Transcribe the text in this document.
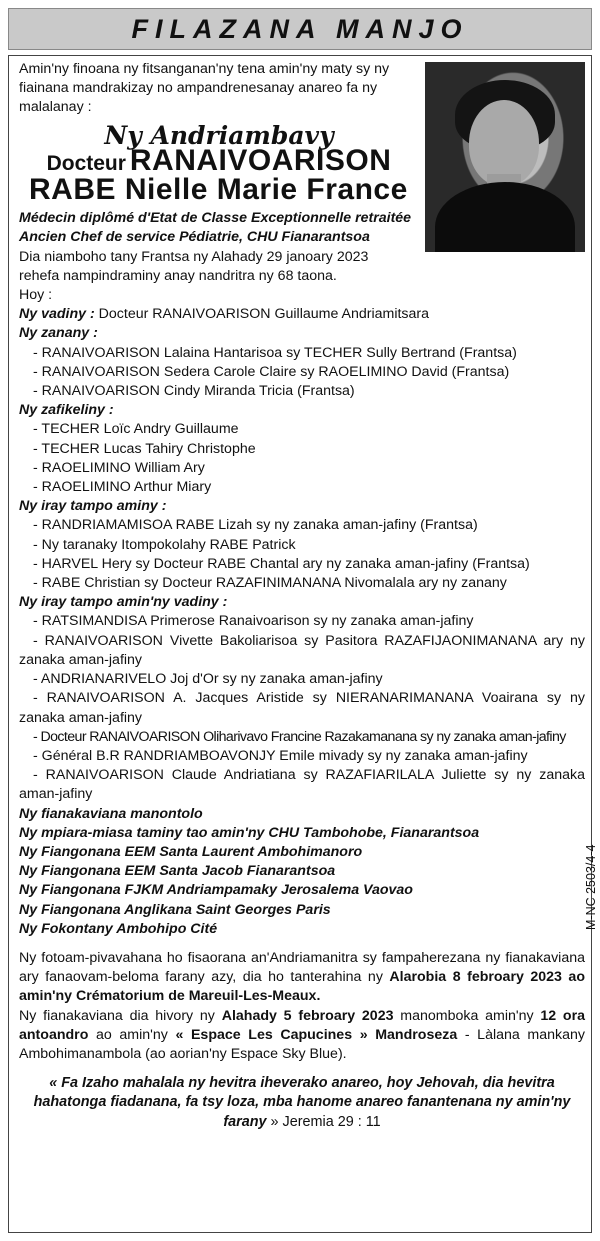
FILAZANA MANJO

Amin'ny finoana ny fitsanganan'ny tena amin'ny maty sy ny fiainana mandrakizay no ampandrenesanay anareo fa ny malalanay :

Ny Andriambavy
Docteur RANAIVOARISON
RABE Nielle Marie France

Médecin diplômé d'Etat de Classe Exceptionnelle retraitée

Ancien Chef de service Pédiatrie, CHU Fianarantsoa

Dia niamboho tany Frantsa ny Alahady 29 janoary 2023

rehefa nampindraminy anay nandritra ny 68 taona.

Hoy :

Ny vadiny : Docteur RANAIVOARISON Guillaume Andriamitsara

Ny zanany :

- RANAIVOARISON Lalaina Hantarisoa sy TECHER Sully Bertrand (Frantsa)

- RANAIVOARISON Sedera Carole Claire sy RAOELIMINO David (Frantsa)

- RANAIVOARISON Cindy Miranda Tricia (Frantsa)

Ny zafikeliny :

- TECHER Loïc Andry Guillaume

- TECHER Lucas Tahiry Christophe

- RAOELIMINO William Ary

- RAOELIMINO Arthur Miary

Ny iray tampo aminy :

- RANDRIAMAMISOA RABE Lizah sy ny zanaka aman-jafiny (Frantsa)

- Ny taranaky Itompokolahy RABE Patrick

- HARVEL Hery sy Docteur RABE Chantal ary ny zanaka aman-jafiny (Frantsa)

- RABE Christian sy Docteur RAZAFINIMANANA Nivomalala ary ny zanany

Ny iray tampo amin'ny vadiny :

- RATSIMANDISA Primerose Ranaivoarison sy ny zanaka aman-jafiny

- RANAIVOARISON Vivette Bakoliarisoa sy Pasitora RAZAFIJAONIMANANA ary ny zanaka aman-jafiny

- ANDRIANARIVELO Joj d'Or sy ny zanaka aman-jafiny

- RANAIVOARISON A. Jacques Aristide sy NIERANARIMANANA Voairana sy ny zanaka aman-jafiny

- Docteur RANAIVOARISON Oliharivavo Francine Razakamanana sy ny zanaka aman-jafiny

- Général B.R RANDRIAMBOAVONJY Emile mivady sy ny zanaka aman-jafiny

- RANAIVOARISON Claude Andriatiana sy RAZAFIARILALA Juliette sy ny zanaka aman-jafiny

Ny fianakaviana manontolo

Ny mpiara-miasa taminy tao amin'ny CHU Tambohobe, Fianarantsoa

Ny Fiangonana EEM Santa Laurent Ambohimanoro

Ny Fiangonana EEM Santa Jacob Fianarantsoa

Ny Fiangonana FJKM Andriampamaky Jerosalema Vaovao

Ny Fiangonana Anglikana Saint Georges Paris

Ny Fokontany Ambohipo Cité

Ny fotoam-pivavahana ho fisaorana an'Andriamanitra sy fampaherezana ny fianakaviana ary fanaovam-beloma farany azy, dia ho tanterahina ny Alarobia 8 febroary 2023 ao amin'ny Crématorium de Mareuil-Les-Meaux.

Ny fianakaviana dia hivory ny Alahady 5 febroary 2023 manomboka amin'ny 12 ora antoandro ao amin'ny « Espace Les Capucines » Mandroseza - Làlana mankany Ambohimanambola (ao aorian'ny Espace Sky Blue).

« Fa Izaho mahalala ny hevitra iheverako anareo, hoy Jehovah, dia hevitra hahatonga fiadanana, fa tsy loza, mba hanome anareo fanantenana ny amin'ny farany » Jeremia 29 : 11

M-NC 2503/4-4
